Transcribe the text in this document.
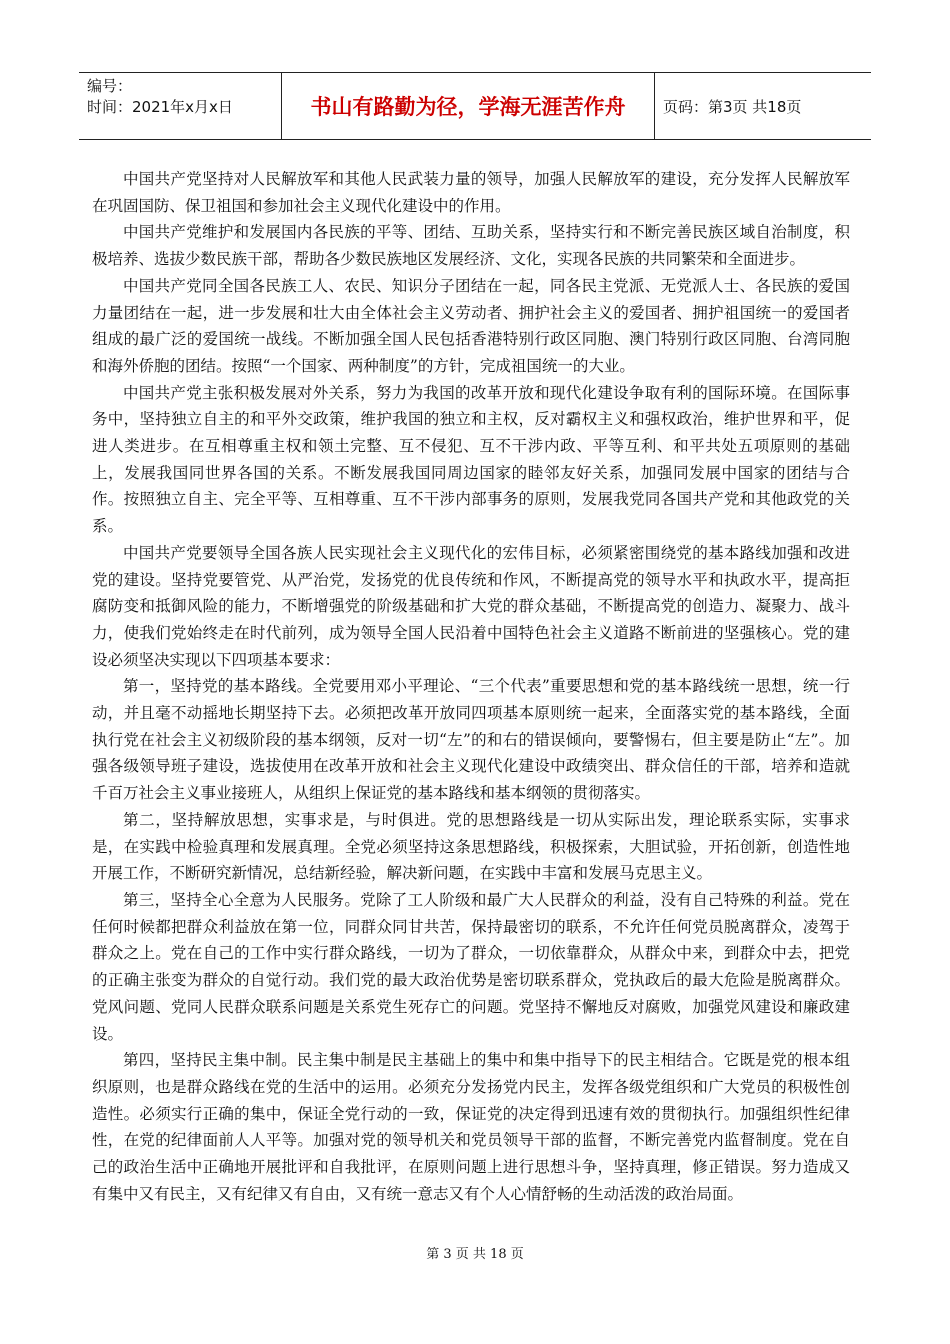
编号：
时间：2021年x月x日	书山有路勤为径，学海无涯苦作舟	页码：第3页 共18页

中国共产党坚持对人民解放军和其他人民武装力量的领导，加强人民解放军的建设，充分发挥人民解放军在巩固国防、保卫祖国和参加社会主义现代化建设中的作用。

中国共产党维护和发展国内各民族的平等、团结、互助关系，坚持实行和不断完善民族区域自治制度，积极培养、选拔少数民族干部，帮助各少数民族地区发展经济、文化，实现各民族的共同繁荣和全面进步。

中国共产党同全国各民族工人、农民、知识分子团结在一起，同各民主党派、无党派人士、各民族的爱国力量团结在一起，进一步发展和壮大由全体社会主义劳动者、拥护社会主义的爱国者、拥护祖国统一的爱国者组成的最广泛的爱国统一战线。不断加强全国人民包括香港特别行政区同胞、澳门特别行政区同胞、台湾同胞和海外侨胞的团结。按照“一个国家、两种制度”的方针，完成祖国统一的大业。

中国共产党主张积极发展对外关系，努力为我国的改革开放和现代化建设争取有利的国际环境。在国际事务中，坚持独立自主的和平外交政策，维护我国的独立和主权，反对霸权主义和强权政治，维护世界和平，促进人类进步。在互相尊重主权和领土完整、互不侵犯、互不干涉内政、平等互利、和平共处五项原则的基础上，发展我国同世界各国的关系。不断发展我国同周边国家的睦邻友好关系，加强同发展中国家的团结与合作。按照独立自主、完全平等、互相尊重、互不干涉内部事务的原则，发展我党同各国共产党和其他政党的关系。

中国共产党要领导全国各族人民实现社会主义现代化的宏伟目标，必须紧密围绕党的基本路线加强和改进党的建设。坚持党要管党、从严治党，发扬党的优良传统和作风，不断提高党的领导水平和执政水平，提高拒腐防变和抵御风险的能力，不断增强党的阶级基础和扩大党的群众基础，不断提高党的创造力、凝聚力、战斗力，使我们党始终走在时代前列，成为领导全国人民沿着中国特色社会主义道路不断前进的坚强核心。党的建设必须坚决实现以下四项基本要求：

第一，坚持党的基本路线。全党要用邓小平理论、“三个代表”重要思想和党的基本路线统一思想，统一行动，并且毫不动摇地长期坚持下去。必须把改革开放同四项基本原则统一起来，全面落实党的基本路线，全面执行党在社会主义初级阶段的基本纲领，反对一切“左”的和右的错误倾向，要警惕右，但主要是防止“左”。加强各级领导班子建设，选拔使用在改革开放和社会主义现代化建设中政绩突出、群众信任的干部，培养和造就千百万社会主义事业接班人，从组织上保证党的基本路线和基本纲领的贯彻落实。

第二，坚持解放思想，实事求是，与时俱进。党的思想路线是一切从实际出发，理论联系实际，实事求是，在实践中检验真理和发展真理。全党必须坚持这条思想路线，积极探索，大胆试验，开拓创新，创造性地开展工作，不断研究新情况，总结新经验，解决新问题，在实践中丰富和发展马克思主义。

第三，坚持全心全意为人民服务。党除了工人阶级和最广大人民群众的利益，没有自己特殊的利益。党在任何时候都把群众利益放在第一位，同群众同甘共苦，保持最密切的联系，不允许任何党员脱离群众，凌驾于群众之上。党在自己的工作中实行群众路线，一切为了群众，一切依靠群众，从群众中来，到群众中去，把党的正确主张变为群众的自觉行动。我们党的最大政治优势是密切联系群众，党执政后的最大危险是脱离群众。党风问题、党同人民群众联系问题是关系党生死存亡的问题。党坚持不懈地反对腐败，加强党风建设和廉政建设。

第四，坚持民主集中制。民主集中制是民主基础上的集中和集中指导下的民主相结合。它既是党的根本组织原则，也是群众路线在党的生活中的运用。必须充分发扬党内民主，发挥各级党组织和广大党员的积极性创造性。必须实行正确的集中，保证全党行动的一致，保证党的决定得到迅速有效的贯彻执行。加强组织性纪律性，在党的纪律面前人人平等。加强对党的领导机关和党员领导干部的监督，不断完善党内监督制度。党在自己的政治生活中正确地开展批评和自我批评，在原则问题上进行思想斗争，坚持真理，修正错误。努力造成又有集中又有民主，又有纪律又有自由，又有统一意志又有个人心情舒畅的生动活泼的政治局面。

第 3 页 共 18 页
